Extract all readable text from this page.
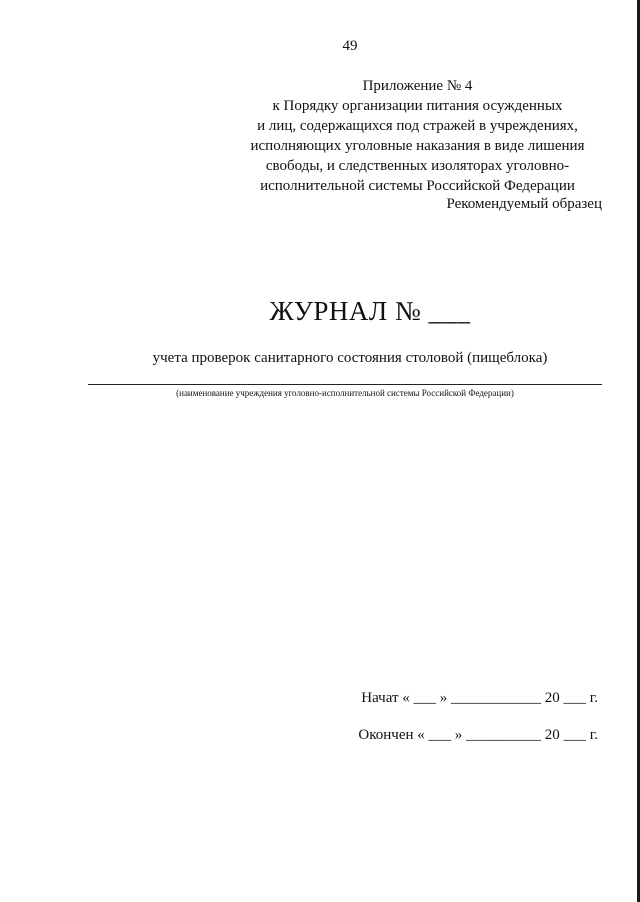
49
Приложение № 4
к Порядку организации питания осужденных
и лиц, содержащихся под стражей в учреждениях,
исполняющих уголовные наказания в виде лишения
свободы, и следственных изоляторах уголовно-
исполнительной системы Российской Федерации
Рекомендуемый образец
ЖУРНАЛ № ___
учета проверок санитарного состояния столовой (пищеблока)
(наименование учреждения уголовно-исполнительной системы Российской Федерации)
Начат « ___ » ____________ 20 ___ г.
Окончен « ___ » __________ 20 ___ г.
